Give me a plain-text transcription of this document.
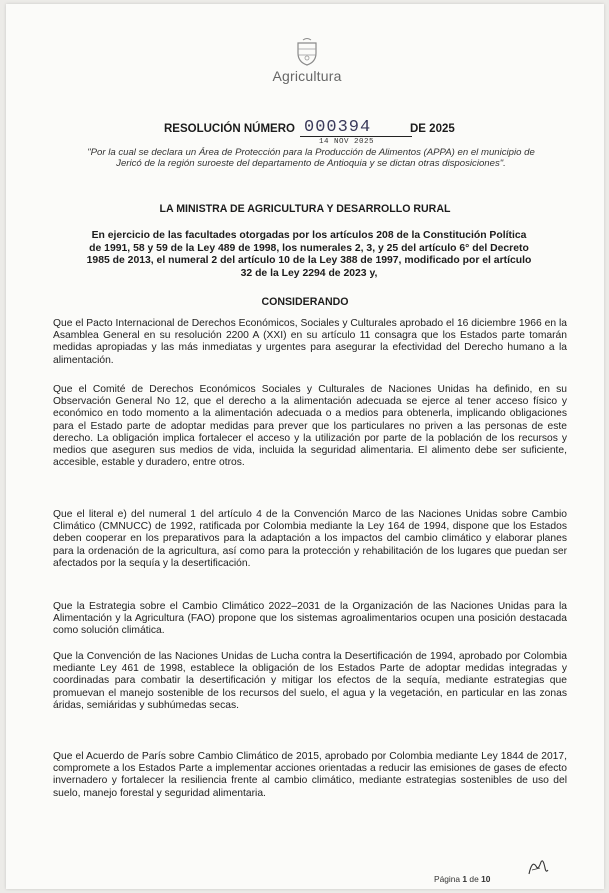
Agricultura
RESOLUCIÓN NÚMERO 000394
14 NOV 2025
DE 2025
"Por la cual se declara un Área de Protección para la Producción de Alimentos (APPA) en el municipio de Jericó de la región suroeste del departamento de Antioquia y se dictan otras disposiciones".
LA MINISTRA DE AGRICULTURA Y DESARROLLO RURAL
En ejercicio de las facultades otorgadas por los artículos 208 de la Constitución Política de 1991, 58 y 59 de la Ley 489 de 1998, los numerales 2, 3, y 25 del artículo 6° del Decreto 1985 de 2013, el numeral 2 del artículo 10 de la Ley 388 de 1997, modificado por el artículo 32 de la Ley 2294 de 2023 y,
CONSIDERANDO
Que el Pacto Internacional de Derechos Económicos, Sociales y Culturales aprobado el 16 diciembre 1966 en la Asamblea General en su resolución 2200 A (XXI) en su artículo 11 consagra que los Estados parte tomarán medidas apropiadas y las más inmediatas y urgentes para asegurar la efectividad del Derecho humano a la alimentación.
Que el Comité de Derechos Económicos Sociales y Culturales de Naciones Unidas ha definido, en su Observación General No 12, que el derecho a la alimentación adecuada se ejerce al tener acceso físico y económico en todo momento a la alimentación adecuada o a medios para obtenerla, implicando obligaciones para el Estado parte de adoptar medidas para prever que los particulares no priven a las personas de este derecho. La obligación implica fortalecer el acceso y la utilización por parte de la población de los recursos y medios que aseguren sus medios de vida, incluida la seguridad alimentaria. El alimento debe ser suficiente, accesible, estable y duradero, entre otros.
Que el literal e) del numeral 1 del artículo 4 de la Convención Marco de las Naciones Unidas sobre Cambio Climático (CMNUCC) de 1992, ratificada por Colombia mediante la Ley 164 de 1994, dispone que los Estados deben cooperar en los preparativos para la adaptación a los impactos del cambio climático y elaborar planes para la ordenación de la agricultura, así como para la protección y rehabilitación de los lugares que puedan ser afectados por la sequía y la desertificación.
Que la Estrategia sobre el Cambio Climático 2022–2031 de la Organización de las Naciones Unidas para la Alimentación y la Agricultura (FAO) propone que los sistemas agroalimentarios ocupen una posición destacada como solución climática.
Que la Convención de las Naciones Unidas de Lucha contra la Desertificación de 1994, aprobado por Colombia mediante Ley 461 de 1998, establece la obligación de los Estados Parte de adoptar medidas integradas y coordinadas para combatir la desertificación y mitigar los efectos de la sequía, mediante estrategias que promuevan el manejo sostenible de los recursos del suelo, el agua y la vegetación, en particular en las zonas áridas, semiáridas y subhúmedas secas.
Que el Acuerdo de París sobre Cambio Climático de 2015, aprobado por Colombia mediante Ley 1844 de 2017, compromete a los Estados Parte a implementar acciones orientadas a reducir las emisiones de gases de efecto invernadero y fortalecer la resiliencia frente al cambio climático, mediante estrategias sostenibles de uso del suelo, manejo forestal y seguridad alimentaria.
Página 1 de 10
